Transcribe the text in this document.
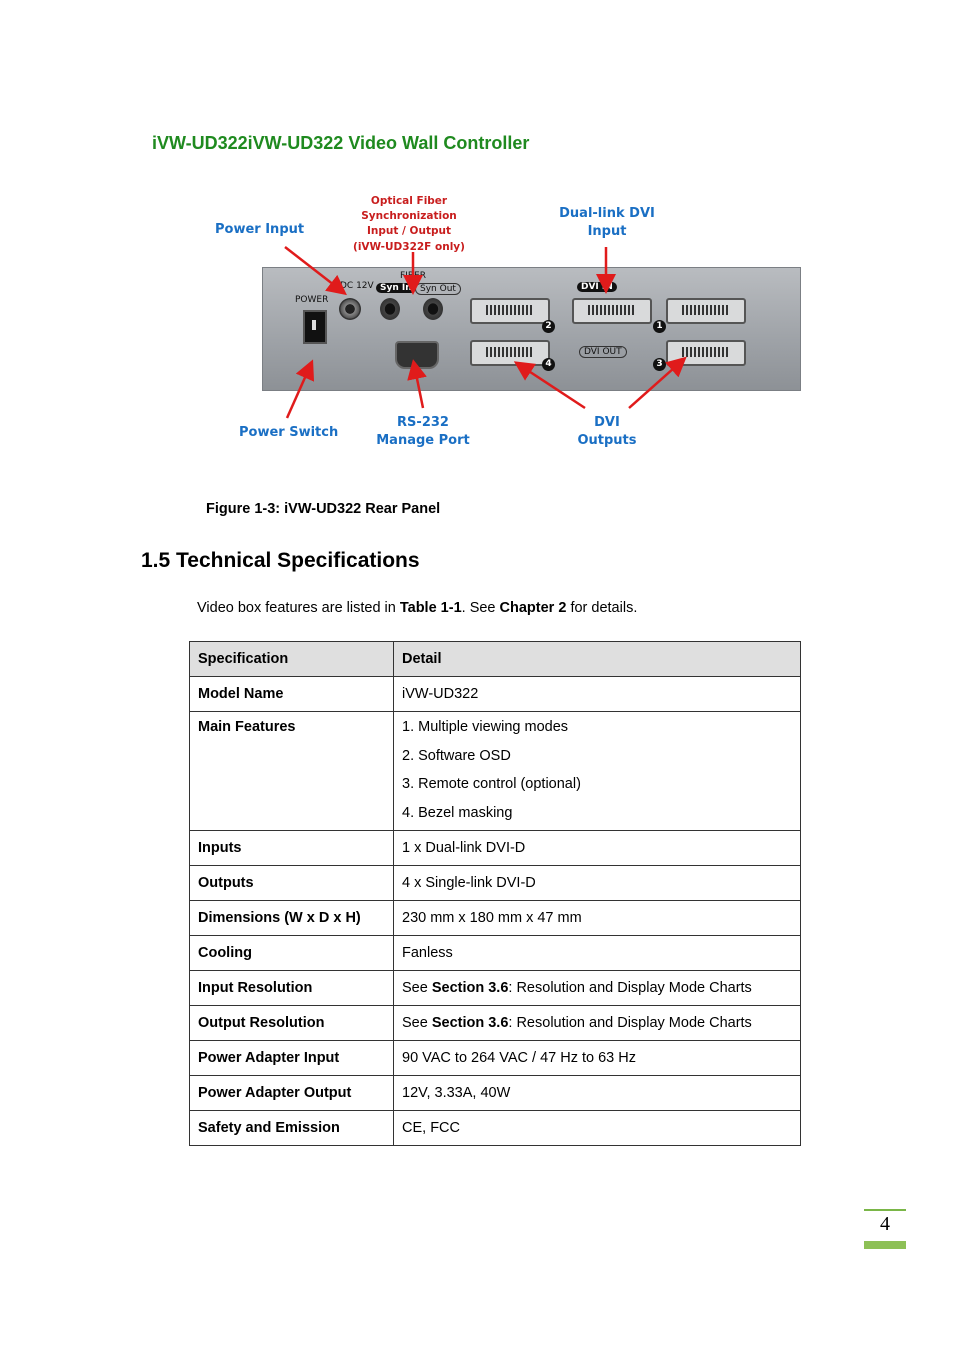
iVW-UD322iVW-UD322 Video Wall Controller
Power Input
Optical Fiber
Synchronization
Input / Output
(iVW-UD322F only)
Dual-link DVI
Input
Power Switch
RS-232
Manage Port
DVI
Outputs
POWER
DC 12V
FIBER
Syn In Syn Out	DVI IN
DVI OUT
1
2
3
4
Figure 1-3: iVW-UD322 Rear Panel
1.5 Technical Specifications
Video box features are listed in Table 1-1. See Chapter 2 for details.
Specification	Detail
Model Name	iVW-UD322
Main Features	1. Multiple viewing modes
2. Software OSD
3. Remote control (optional)
4. Bezel masking

Inputs	1 x Dual-link DVI-D
Outputs	4 x Single-link DVI-D
Dimensions (W x D x H)	230 mm x 180 mm x 47 mm
Cooling	Fanless
Input Resolution	See Section 3.6: Resolution and Display Mode Charts
Output Resolution	See Section 3.6: Resolution and Display Mode Charts
Power Adapter Input	90 VAC to 264 VAC / 47 Hz to 63 Hz
Power Adapter Output	12V, 3.33A, 40W
Safety and Emission	CE, FCC
4
